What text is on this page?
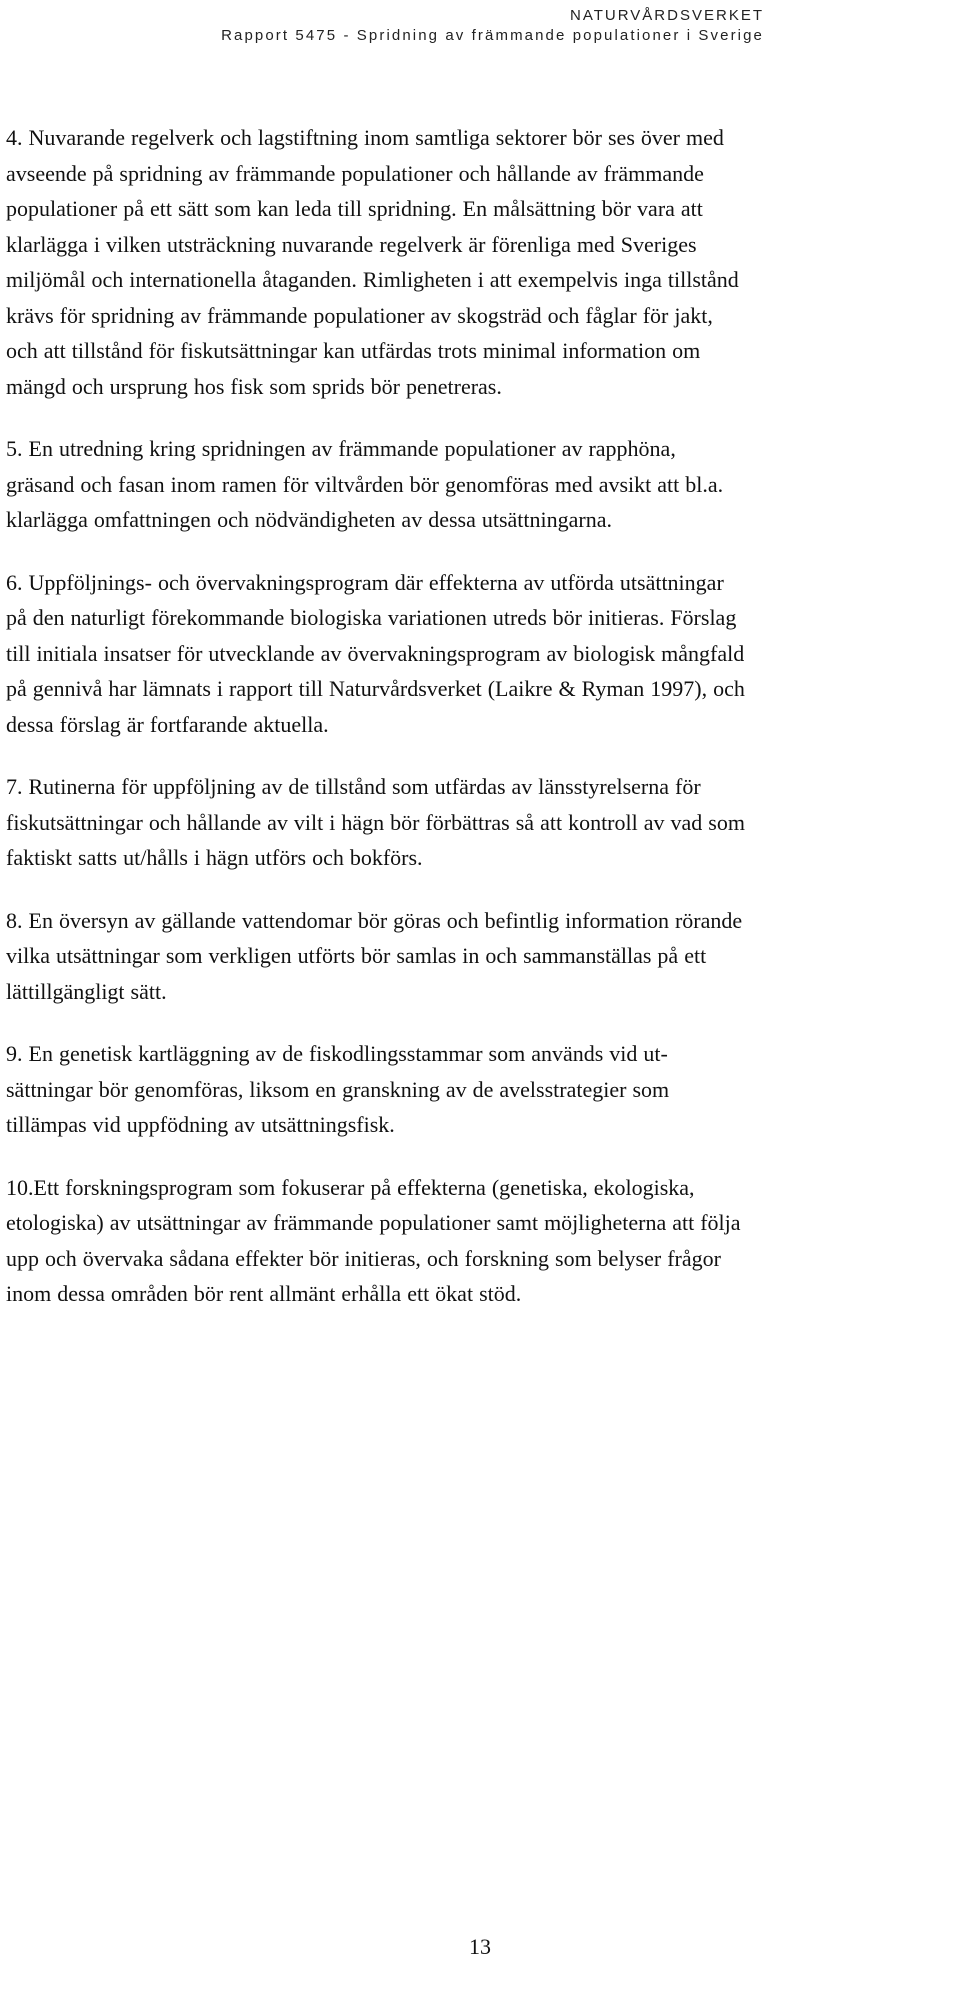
NATURVÅRDSVERKET
Rapport 5475 - Spridning av främmande populationer i Sverige
4. Nuvarande regelverk och lagstiftning inom samtliga sektorer bör ses över med
avseende på spridning av främmande populationer och hållande av främmande
populationer på ett sätt som kan leda till spridning. En målsättning bör vara att
klarlägga i vilken utsträckning nuvarande regelverk är förenliga med Sveriges
miljömål och internationella åtaganden. Rimligheten i att exempelvis inga tillstånd
krävs för spridning av främmande populationer av skogsträd och fåglar för jakt,
och att tillstånd för fiskutsättningar kan utfärdas trots minimal information om
mängd och ursprung hos fisk som sprids bör penetreras.
5. En utredning kring spridningen av främmande populationer av rapphöna,
gräsand och fasan inom ramen för viltvården bör genomföras med avsikt att bl.a.
klarlägga omfattningen och nödvändigheten av dessa utsättningarna.
6. Uppföljnings- och övervakningsprogram där effekterna av utförda utsättningar
på den naturligt förekommande biologiska variationen utreds bör initieras. Förslag
till initiala insatser för utvecklande av övervakningsprogram av biologisk mångfald
på gennivå har lämnats i rapport till Naturvårdsverket (Laikre & Ryman 1997), och
dessa förslag är fortfarande aktuella.
7. Rutinerna för uppföljning av de tillstånd som utfärdas av länsstyrelserna för
fiskutsättningar och hållande av vilt i hägn bör förbättras så att kontroll av vad som
faktiskt satts ut/hålls i hägn utförs och bokförs.
8. En översyn av gällande vattendomar bör göras och befintlig information rörande
vilka utsättningar som verkligen utförts bör samlas in och sammanställas på ett
lättillgängligt sätt.
9. En genetisk kartläggning av de fiskodlingsstammar som används vid ut-
sättningar bör genomföras, liksom en granskning av de avelsstrategier som
tillämpas vid uppfödning av utsättningsfisk.
10.Ett forskningsprogram som fokuserar på effekterna (genetiska, ekologiska,
etologiska) av utsättningar av främmande populationer samt möjligheterna att följa
upp och övervaka sådana effekter bör initieras, och forskning som belyser frågor
inom dessa områden bör rent allmänt erhålla ett ökat stöd.
13
